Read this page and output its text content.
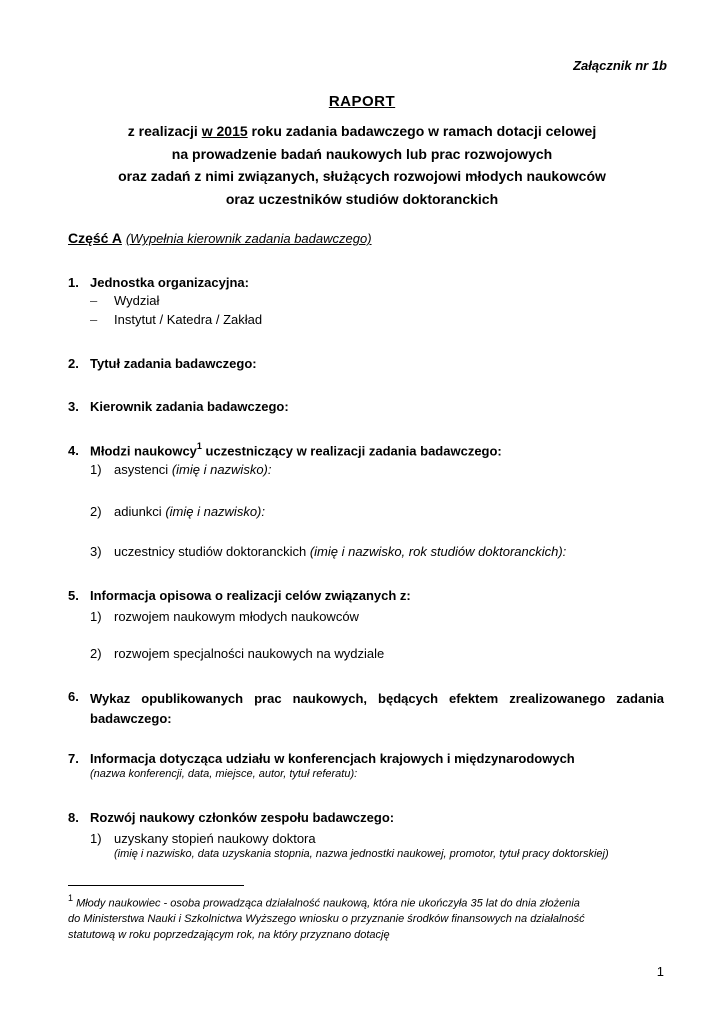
Załącznik nr 1b
RAPORT
z realizacji w 2015 roku zadania badawczego w ramach dotacji celowej
na prowadzenie badań naukowych lub prac rozwojowych
oraz zadań z nimi związanych, służących rozwojowi młodych naukowców
oraz uczestników studiów doktoranckich
Część A (Wypełnia kierownik zadania badawczego)
1. Jednostka organizacyjna:
– Wydział
– Instytut / Katedra / Zakład
2. Tytuł zadania badawczego:
3. Kierownik zadania badawczego:
4. Młodzi naukowcy$^1$ uczestniczący w realizacji zadania badawczego:
1) asystenci (imię i nazwisko):
2) adiunkci (imię i nazwisko):
3) uczestnicy studiów doktoranckich (imię i nazwisko, rok studiów doktoranckich):
5. Informacja opisowa o realizacji celów związanych z:
1) rozwojem naukowym młodych naukowców
2) rozwojem specjalności naukowych na wydziale
6. Wykaz opublikowanych prac naukowych, będących efektem zrealizowanego zadania badawczego:
7. Informacja dotycząca udziału w konferencjach krajowych i międzynarodowych
(nazwa konferencji, data, miejsce, autor, tytuł referatu):
8. Rozwój naukowy członków zespołu badawczego:
1) uzyskany stopień naukowy doktora
(imię i nazwisko, data uzyskania stopnia, nazwa jednostki naukowej, promotor, tytuł pracy doktorskiej)
$^1$ Młody naukowiec - osoba prowadząca działalność naukową, która nie ukończyła 35 lat do dnia złożenia
do Ministerstwa Nauki i Szkolnictwa Wyższego wniosku o przyznanie środków finansowych na działalność
statutową w roku poprzedzającym rok, na który przyznano dotację
1
